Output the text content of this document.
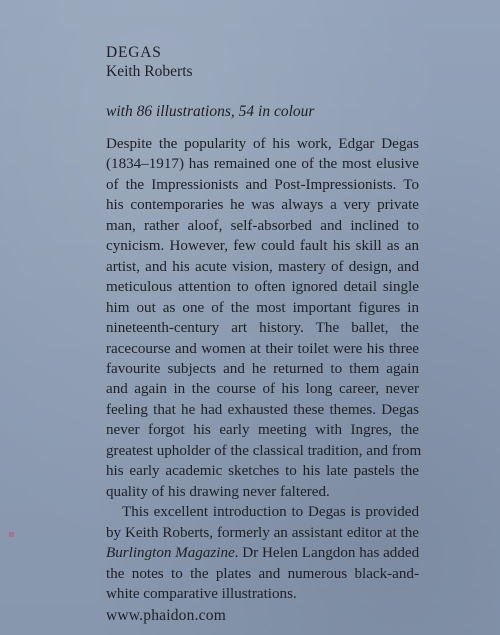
DEGAS
Keith Roberts
with 86 illustrations, 54 in colour

Despite the popularity of his work, Edgar Degas
(1834–1917) has remained one of the most elusive
of the Impressionists and Post-Impressionists. To
his contemporaries he was always a very private
man, rather aloof, self-absorbed and inclined to
cynicism. However, few could fault his skill as an
artist, and his acute vision, mastery of design, and
meticulous attention to often ignored detail single
him out as one of the most important figures in
nineteenth-century art history. The ballet, the
racecourse and women at their toilet were his three
favourite subjects and he returned to them again
and again in the course of his long career, never
feeling that he had exhausted these themes. Degas
never forgot his early meeting with Ingres, the
greatest upholder of the classical tradition, and from
his early academic sketches to his late pastels the
quality of his drawing never faltered.

This excellent introduction to Degas is provided
by Keith Roberts, formerly an assistant editor at the
Burlington Magazine. Dr Helen Langdon has added
the notes to the plates and numerous black-and-
white comparative illustrations.

www.phaidon.com
